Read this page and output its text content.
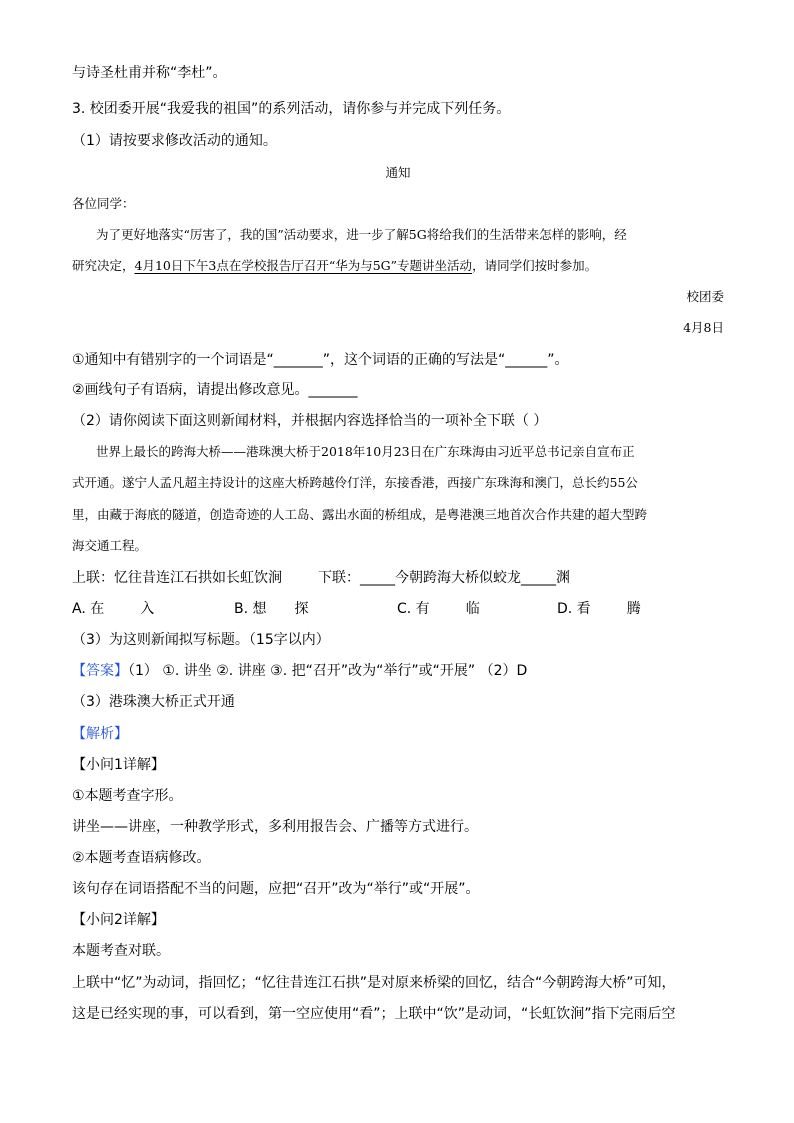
与诗圣杜甫并称“李杜”。
3. 校团委开展“我爱我的祖国”的系列活动，请你参与并完成下列任务。
（1）请按要求修改活动的通知。
通知
各位同学：
为了更好地落实“厉害了，我的国”活动要求，进一步了解5G将给我们的生活带来怎样的影响，经
研究决定，4月10日下午3点在学校报告厅召开“华为与5G”专题讲坐活动，请同学们按时参加。
校团委
4月8日
①通知中有错别字的一个词语是“_______”，这个词语的正确的写法是“______”。
②画线句子有语病，请提出修改意见。_______
（2）请你阅读下面这则新闻材料，并根据内容选择恰当的一项补全下联（ ）
世界上最长的跨海大桥——港珠澳大桥于2018年10月23日在广东珠海由习近平总书记亲自宣布正
式开通。遂宁人孟凡超主持设计的这座大桥跨越伶仃洋，东接香港，西接广东珠海和澳门，总长约55公
里，由藏于海底的隧道，创造奇迹的人工岛、露出水面的桥组成，是粤港澳三地首次合作共建的超大型跨
海交通工程。
上联：忆往昔连江石拱如长虹饮涧	下联：_____今朝跨海大桥似蛟龙_____渊
A. 在	入	B. 想 探	C. 有	临	D. 看	腾
（3）为这则新闻拟写标题。（15字以内）
【答案】（1） ①. 讲坐 ②. 讲座 ③. 把“召开”改为“举行”或“开展” （2）D
（3）港珠澳大桥正式开通
【解析】
【小问1详解】
①本题考查字形。
讲坐——讲座，一种教学形式，多利用报告会、广播等方式进行。
②本题考查语病修改。
该句存在词语搭配不当的问题，应把“召开”改为“举行”或“开展”。
【小问2详解】
本题考查对联。
上联中“忆”为动词，指回忆；“忆往昔连江石拱”是对原来桥梁的回忆，结合“今朝跨海大桥”可知，
这是已经实现的事，可以看到，第一空应使用“看”；上联中“饮”是动词，“长虹饮涧”指下完雨后空
